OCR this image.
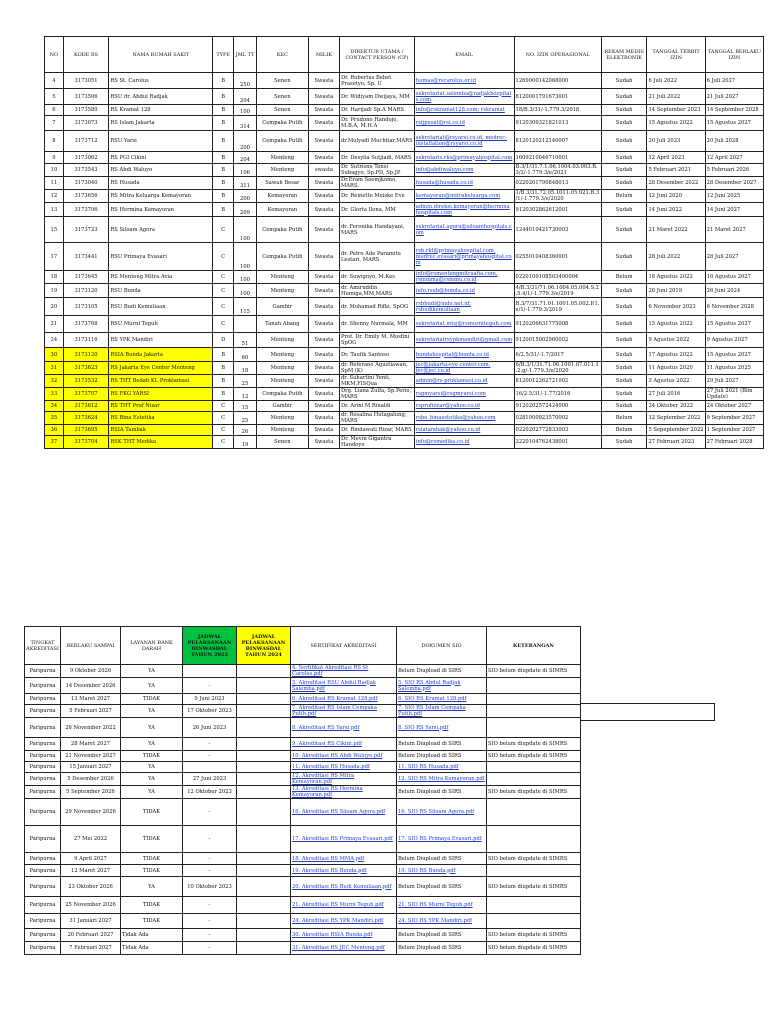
NO	KODE RS	NAMA RUMAH SAKIT	TYPE	JML TT	KEC	MILIK	DIREKTUR UTAMA / CONTACT PERSON (CP)	EMAIL	NO. IZIN OPERASIONAL	REKAM MEDIS ELEKTRONIK	TANGGAL TERBIT IZIN	TANGGAL BERLAKU IZIN
4	3173051	RS St. Carolus	B	250	Senen	Swasta	Dr. Robertus Bebet Prasetyo, Sp. U	humas@rscarolus.or.id	1269000142068000	Sudah	6 Juli 2022	6 Juli 2027
5	3173506	RSU dr. Abdul Radjak	B	204	Senen	Swasta	Dr. Widiyam Dwijaya, MM	sekretariat.salemba@radjakhospitals.com	8120001791673001	Sudah	21 Juli 2022	21 Juli 2027
6	3173580	RS Kramat 128	B	100	Senen	Swasta	Dr. Harijadi Sp.A MARS	info@rskramat128.com; rskramat	18/B.3/31/-1.779.3/2018	Sudah	14 September 2023	14 September 2028
7	3173073	RS Islam Jakarta	B	314	Cempaka Putih	Swasta	Dr. Prudono Handojo, M.B.A, M.H.A	rsijpusat@rsi.co.id	9120309321821013	Sudah	15 Agustus 2022	15 Agustus 2027
8	3173712	RSU Yarsi	B	200	Cempaka Putih	Swasta	dr.Mulyadi Muchtiar,MARS	sekretariat@rsyarsi.co.id, medrec-installation@rsyarsi.co.id	8120120212140007	Sudah	20 Juli 2023	20 Juli 2028
9	3173062	RS PGI Cikini	B	204	Menteng	Swasta	Dr. Desylia Sutjiadi, MARS	sekretaris.rks@primayahospital.com	1609210046710001	Sudah	12 April 2023	12 April 2027
10	3173543	RS Abdi Waluyo	B	106	Menteng	swasta	Dr. Sutrisno Tonsi Subagyo, Sp.PD, Sp.JP	info@abdiwaluyo.com	B.3/1/31.7.1.06.1004.03.003.B.3/2/-1.779.3/e/2021	Sudah	5 Februari 2021	5 Februari 2026
11	3173040	RS Husada	B	311	Sawah Besar	Swasta	Dr.Eram Soemjkomo, MARS.	husada@husada.co.id	0220201790848013	Sudah	28 Desember 2022	28 Desember 2027
12	3173656	RS Mitra Keluarga Kemayoran	B	200	Kemayoran	Swasta	Dr. Reinetto Meiske Eve	kemayoran@mitrakeluarga.com	1/B.3/31.72.05.1011.05.021.B.3/1/-1.779.3/e/2020	Belum	12 Juni 2020	12 Juni 2025
13	3173706	RS Hermina Kemayoran	B	209	Kemayoran	Swasta	Dr. Glorta Ilona, MM	admin.direksi.kemayoran@herminahospitals.com	9120302862612001	Sudah	14 Juni 2022	14 Juni 2027
15	3173723	RS Siloam Agora	C	100	Cempaka Putih	Swasta	dr. Feronika Handayani, MARS	sekretariat.agora@siloamhospitals.com	1244010421730003	Sudah	21 Maret 2022	21 Maret 2027
17	3173441	RSU Primaya Evasari	C	100	Cempaka Putih	Swasta	dr. Petro Ade Paramitu Lestari, MARS	rsb.rkt@primayahospital.com, medrec.evasari@primayahospital.com	0255010408360001	Sudah	28 Juli 2022	28 Juli 2027
18	3173645	RS Menteng Mitra Avia	C	100	Menteng	Swasta	dr. Suwignyo, M.Kes	info@rsmentengmitraafia.com, rsmmma@rsmmu.co.id	0220100108503490004	Belum	16 Agustus 2022	16 Agustus 2027
19	3173120	RSU Bunda	C	100	Menteng	Swasta	dr. Amiruddin Humiga,MM,MARS	info.rsub@bunda.co.id	4/B.3/31/71.06.1004.05.004.S.2.5.4/1/-1.779.3/e/2019	Sudah	26 Juni 2019	26 Juni 2024
20	3173105	RSU Budi Kemuliaan	C	115	Gambir	Swasta	dr. Mohamad Rifki, SpOG	rsbbudi@indo.net.id; rsbudikemuliaan	B.3/7/31.71.01.1001.05.002.P.1.e/1/-1.779.3/2019	Sudah	6 November 2023	6 November 2028
21	3173768	RSU Murni Teguh	C		Tanah Abang	Swasta	dr. Shenny Nurmala, MM	sekretariat.mtsj@rsmurniteguh.com	9120206631775008	Sudah	15 Agustus 2022	15 Agustus 2027
24	3173116	RS YPK Mandiri	D	51	Menteng	Swasta	Prof. Dr. Emily M. Mosfini SpOG	sekretariatrsypkmandiri@gmail.com	9120015002960002	Sudah	9 Agustus 2022	9 Agustus 2027
30	3173120	RSIA Bunda Jakarta	B	60	Menteng	Swasta	Dr. Taufik Santoso	bundahospital@bunda.co.id	6/2.5/31/-1.7/2017	Sudah	17 Agustus 2022	15 Agustus 2027
31	3173623	RS Jakarta Eye Center Menteng	B	18	Menteng	Swasta	dr. Referano Agustiawan, SpM (K)	jec@jakarta-eye-center.com, jec@jec.co.id	6/B.3/1/31.71.06.1001.07.011.1.2.g/-1.779.3/e/2020	Sudah	11 Agustus 2020	11 Agustus 2025
32	3173532	RS THT Bedah KL Proklamasi	B	25	Menteng	Swasta	dr. Suhartini Yenti, MKM,FISQua	admin@rs-proklamasi.co.id	8120012262721002	Sudah	3 Agustus 2022	29 Juli 2027
33	3173707	RS FKG YARSI	B	12	Cempaka Putih	Swasta	Drg. Liana Zulfa, Sp.Perio, MARS	rsgmyarsi@rsgmyarsi.com	16/2.5/31/-1.77/2016	Sudah	27 Juli 2016	27 Juli 2021 (Blm Update)
34	3173612	RS THT Prof Nizar	C	15	Gambir	Swasta	Dr. Arini M Rinaldi	rsprofnizar@yahoo.co.id	9120202572424000	Sudah	24 Oktober 2022	24 Oktober 2027
35	3173624	RS Bina Estetika	C	25	Menteng	Swasta	dr. Rosalina Hutagalung, MARS	rsbe_binaestetika@yahoo.com	0281000923570002	Belum	12 September 2022	9 September 2027
36	3173695	RSIA Tambak	C	26	Menteng	Swasta	Dr. Rindawati Rizar, MARS	rsiatambak@yahoo.co.id	0220202772833003	Belum	5 Sepeptember 2022	1 September 2027
37	3173704	RSK THT Medika	C	19	Senen	Swasta	Dr. Mevin Gigantra Handoyo	info@rsmedika.co.id	2220104762438001	Sudah	27 Februari 2023	27 Februari 2028
TINGKAT AKREDITASI	BERLAKU SAMPAI	LAYANAN BANK DARAH	JADWAL PELAKSANAAN BINWASDAL TAHUN 2023	JADWAL PELAKSANAAN BINWASDAL TAHUN 2024	SERTIFIKAT AKREDITASI	DOKUMEN SIO	KETERANGAN
Paripurna	9 Oktober 2026	YA			4. Sertifikat Akreditasi RS St Carolus.pdf	Belum Diupload di SIRS	SIO belum diupdate di SIMRS
Paripurna	14 Desember 2026	YA	-		5. Akreditasi RSU Abdul Radjak Salemba.pdf	5. SIO RS Abdul Radjak Salemba.pdf	
Paripurna	13 Maret 2027	TIDAK	9 Juni 2023		6. Akreditasi RS Kramat 128.pdf	6. SIO RS Kramat 128.pdf	
Paripurna	5 Februari 2027	YA	17 Oktober 2023		7. Akreditasi RS Islam Cempaka Putih.pdf	7. SIO RS Islam Cempaka Putih.pdf	
Paripurna	26 November 2022	YA	26 Juni 2023		8. Akreditasi RS Yarsi.pdf	8. SIO RS Yarsi.pdf	
Paripurna	28 Maret 2027	YA	-		9. Akreditasi RS Cikini.pdf	Belum Diupload di SIRS	SIO belum diupdate di SIMRS
Paripurna	21 November 2027	TIDAK	-		10. Akreditasi RS Abdi Waluyo.pdf	Belum Diupload di SIRS	SIO belum diupdate di SIMRS
Paripurna	15 Januari 2027	YA			11. Akreditasi RS Husada.pdf	11. SIO RS Husada.pdf	
Paripurna	5 Desember 2026	YA	27 Juni 2023		12. Akreditasi RS Mitra Kemayoran.pdf	12. SIO RS Mitra Kemayoran.pdf	
Paripurna	5 September 2026	YA	12 Oktober 2023		13. Akreditasi RS Hermina Kemayoran.pdf	Belum Diupload di SIRS	SIO belum diupdate di SIMRS
Paripurna	29 November 2026	TIDAK	-		16. Akreditasi RS Siloam Agora.pdf	16. SIO RS Siloam Agora.pdf	
Paripurna	27 Mei 2022	TIDAK	-		17. Akreditasi RS Primaya Evasari.pdf	17. SIO RS Primaya Evasari.pdf	
Paripurna	9 April 2027	TIDAK	-		18. Akreditasi RS MMA.pdf	Belum Diupload di SIRS	SIO belum diupdate di SIMRS
Paripurna	12 Maret 2027	TIDAK	-		19. Akreditasi RS Bunda.pdf	19. SIO RS Bunda.pdf	
Paripurna	23 Oktober 2026	YA	10 Oktober 2023		20. Akreditasi RS Budi Kemuliaan.pdf	Belum Diupload di SIRS	SIO belum diupdate di SIMRS
Paripurna	25 November 2026	TIDAK	-		21. Akreditasi RS Murni Teguh.pdf	21. SIO RS Murni Teguh.pdf	
Paripurna	31 Januari 2027	TIDAK	-		24. Akreditasi RS YPK Mandiri.pdf	24. SIO RS YPK Mandiri.pdf	
Paripurna	20 Februari 2027	Tidak Ada	-		30. Akreditasi RSIA Bunda.pdf	Belum Diupload di SIRS	SIO belum diupdate di SIMRS
Paripurna	7 Februari 2027	Tidak Ada	-		31. Akreditasi RS JEC Menteng.pdf	Belum Diupload di SIRS	SIO belum diupdate di SIMRS
